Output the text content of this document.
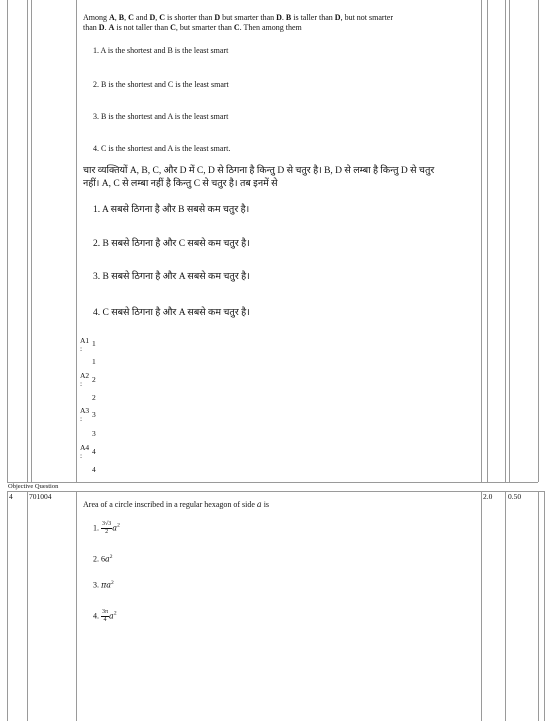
Among A, B, C and D, C is shorter than D but smarter than D. B is taller than D, but not smarter
than D. A is not taller than C, but smarter than C. Then among them
1. A is the shortest and B is the least smart
2. B is the shortest and C is the least smart
3. B is the shortest and A is the least smart
4. C is the shortest and A is the least smart.
चार व्यक्तियों A, B, C, और D में C, D से ठिगना है किन्तु D से चतुर है। B, D से लम्बा है किन्तु D से चतुर
नहीं। A, C से लम्बा नहीं है किन्तु C से चतुर है। तब इनमें से
1. A सबसे ठिगना है और B सबसे कम चतुर है।
2. B सबसे ठिगना है और C सबसे कम चतुर है।
3. B सबसे ठिगना है और A सबसे कम चतुर है।
4. C सबसे ठिगना है और A सबसे कम चतुर है।
A1
:
1
1
A2
: 2
2
A3
: 3
3
A4
: 4
4
Objective Question
4 701004	2.0 0.50
Area of a circle inscribed in a regular hexagon of side a is
1. $\frac{3√3}{2} a^2$
2. $6a^2$
3. $\pi a^2$
4. $\frac{3\pi}{4} a^2$
